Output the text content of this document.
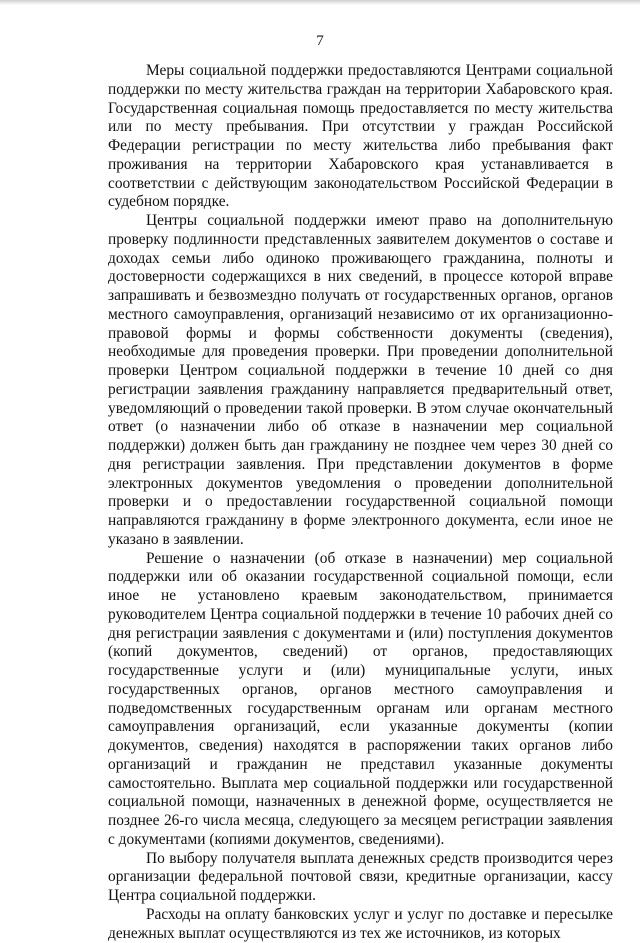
7

Меры социальной поддержки предоставляются Центрами социальной поддержки по месту жительства граждан на территории Хабаровского края. Государственная социальная помощь предоставляется по месту жительства или по месту пребывания. При отсутствии у граждан Российской Федерации регистрации по месту жительства либо пребывания факт проживания на территории Хабаровского края устанавливается в соответствии с действующим законодательством Российской Федерации в судебном порядке.

Центры социальной поддержки имеют право на дополнительную проверку подлинности представленных заявителем документов о составе и доходах семьи либо одиноко проживающего гражданина, полноты и достоверности содержащихся в них сведений, в процессе которой вправе запрашивать и безвозмездно получать от государственных органов, органов местного самоуправления, организаций независимо от их организационно-правовой формы и формы собственности документы (сведения), необходимые для проведения проверки. При проведении дополнительной проверки Центром социальной поддержки в течение 10 дней со дня регистрации заявления гражданину направляется предварительный ответ, уведомляющий о проведении такой проверки. В этом случае окончательный ответ (о назначении либо об отказе в назначении мер социальной поддержки) должен быть дан гражданину не позднее чем через 30 дней со дня регистрации заявления. При представлении документов в форме электронных документов уведомления о проведении дополнительной проверки и о предоставлении государственной социальной помощи направляются гражданину в форме электронного документа, если иное не указано в заявлении.

Решение о назначении (об отказе в назначении) мер социальной поддержки или об оказании государственной социальной помощи, если иное не установлено краевым законодательством, принимается руководителем Центра социальной поддержки в течение 10 рабочих дней со дня регистрации заявления с документами и (или) поступления документов (копий документов, сведений) от органов, предоставляющих государственные услуги и (или) муниципальные услуги, иных государственных органов, органов местного самоуправления и подведомственных государственным органам или органам местного самоуправления организаций, если указанные документы (копии документов, сведения) находятся в распоряжении таких органов либо организаций и гражданин не представил указанные документы самостоятельно. Выплата мер социальной поддержки или государственной социальной помощи, назначенных в денежной форме, осуществляется не позднее 26-го числа месяца, следующего за месяцем регистрации заявления с документами (копиями документов, сведениями).

По выбору получателя выплата денежных средств производится через организации федеральной почтовой связи, кредитные организации, кассу Центра социальной поддержки.

Расходы на оплату банковских услуг и услуг по доставке и пересылке денежных выплат осуществляются из тех же источников, из которых
